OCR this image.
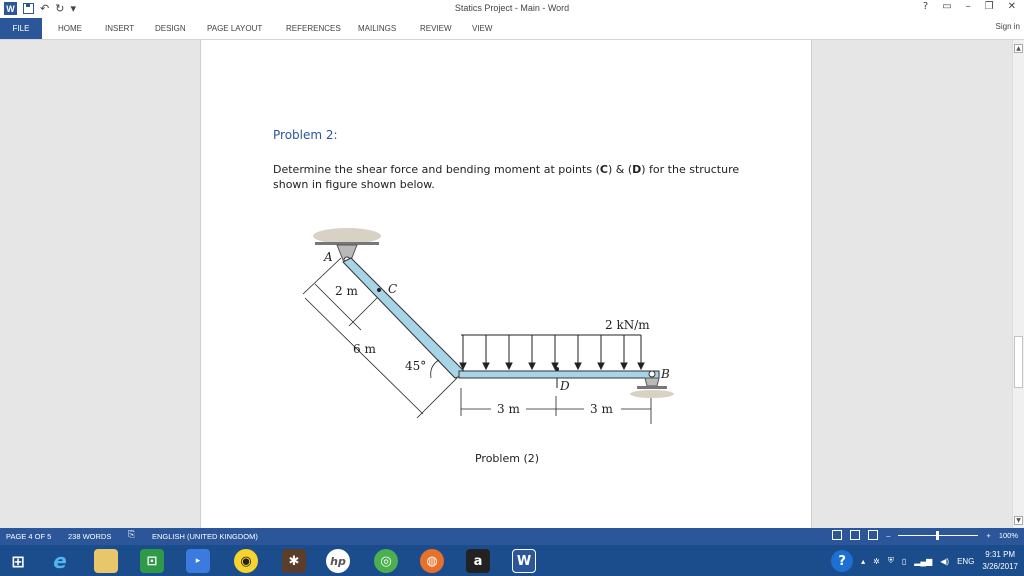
W ↶ ↻ ▾	Statics Project - Main - Word	? ▭ – ❐ ✕
FILE	HOME	INSERT	DESIGN	PAGE LAYOUT	REFERENCES	MAILINGS	REVIEW	VIEW	Sign in
Problem 2:
Determine the shear force and bending moment at points (C) & (D) for the structure shown in figure shown below.
A
C
B
D
2 m
6 m
45°
2 kN/m
3 m	3 m
Problem (2)
▲
▼
PAGE 4 OF 5 238 WORDS ⎘ ENGLISH (UNITED KINGDOM)	–	+ 100%
⊞ e	⊡	▸	◉	✱	hp	◎	◍	a	W	?	▴ ✲ ⛨ ▯ ▂▄▆ ◀) ENG
9:31 PM
3/26/2017
